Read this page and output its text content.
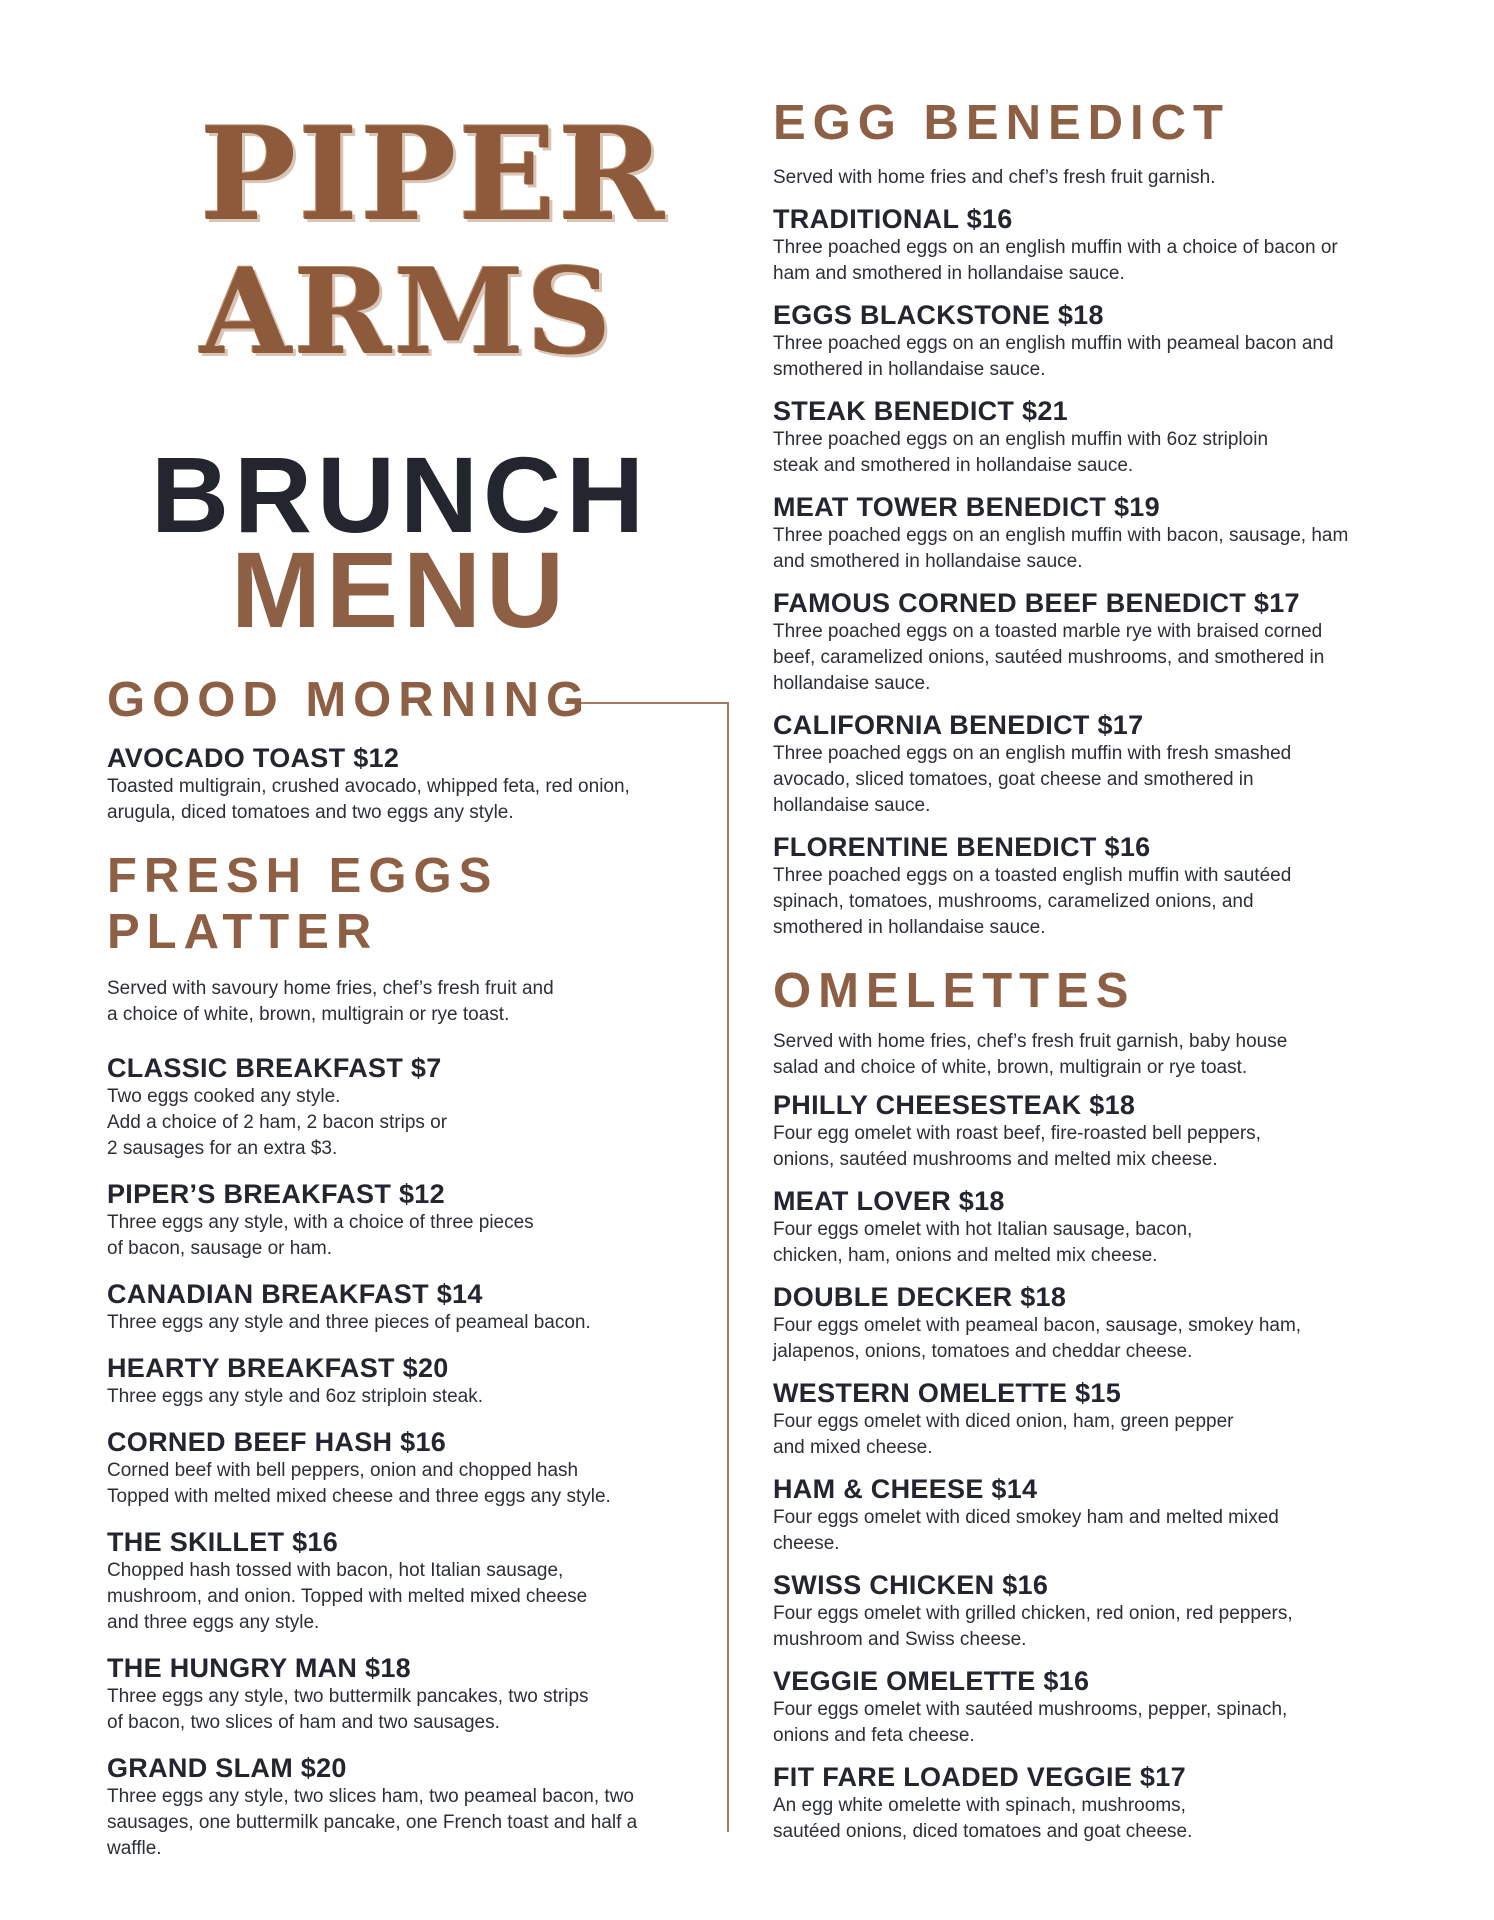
PIPER
ARMS
BRUNCH
MENU
GOOD MORNING

AVOCADO TOAST $12

Toasted multigrain, crushed avocado, whipped feta, red onion,
arugula, diced tomatoes and two eggs any style.

FRESH EGGS PLATTER

Served with savoury home fries, chef’s fresh fruit and
a choice of white, brown, multigrain or rye toast.

CLASSIC BREAKFAST $7

Two eggs cooked any style.
Add a choice of 2 ham, 2 bacon strips or
2 sausages for an extra $3.

PIPER’S BREAKFAST $12

Three eggs any style, with a choice of three pieces
of bacon, sausage or ham.

CANADIAN BREAKFAST $14

Three eggs any style and three pieces of peameal bacon.

HEARTY BREAKFAST $20

Three eggs any style and 6oz striploin steak.

CORNED BEEF HASH $16

Corned beef with bell peppers, onion and chopped hash
Topped with melted mixed cheese and three eggs any style.

THE SKILLET $16

Chopped hash tossed with bacon, hot Italian sausage,
mushroom, and onion. Topped with melted mixed cheese
and three eggs any style.

THE HUNGRY MAN $18

Three eggs any style, two buttermilk pancakes, two strips
of bacon, two slices of ham and two sausages.

GRAND SLAM $20

Three eggs any style, two slices ham, two peameal bacon, two
sausages, one buttermilk pancake, one French toast and half a
waffle.

EGG BENEDICT

Served with home fries and chef’s fresh fruit garnish.

TRADITIONAL $16

Three poached eggs on an english muffin with a choice of bacon or
ham and smothered in hollandaise sauce.

EGGS BLACKSTONE $18

Three poached eggs on an english muffin with peameal bacon and
smothered in hollandaise sauce.

STEAK BENEDICT $21

Three poached eggs on an english muffin with 6oz striploin
steak and smothered in hollandaise sauce.

MEAT TOWER BENEDICT $19

Three poached eggs on an english muffin with bacon, sausage, ham
and smothered in hollandaise sauce.

FAMOUS CORNED BEEF BENEDICT $17

Three poached eggs on a toasted marble rye with braised corned
beef, caramelized onions, sautéed mushrooms, and smothered in
hollandaise sauce.

CALIFORNIA BENEDICT $17

Three poached eggs on an english muffin with fresh smashed
avocado, sliced tomatoes, goat cheese and smothered in
hollandaise sauce.

FLORENTINE BENEDICT $16

Three poached eggs on a toasted english muffin with sautéed
spinach, tomatoes, mushrooms, caramelized onions, and
smothered in hollandaise sauce.

OMELETTES

Served with home fries, chef’s fresh fruit garnish, baby house
salad and choice of white, brown, multigrain or rye toast.

PHILLY CHEESESTEAK $18

Four egg omelet with roast beef, fire-roasted bell peppers,
onions, sautéed mushrooms and melted mix cheese.

MEAT LOVER $18

Four eggs omelet with hot Italian sausage, bacon,
chicken, ham, onions and melted mix cheese.

DOUBLE DECKER $18

Four eggs omelet with peameal bacon, sausage, smokey ham,
jalapenos, onions, tomatoes and cheddar cheese.

WESTERN OMELETTE $15

Four eggs omelet with diced onion, ham, green pepper
and mixed cheese.

HAM & CHEESE $14

Four eggs omelet with diced smokey ham and melted mixed
cheese.

SWISS CHICKEN $16

Four eggs omelet with grilled chicken, red onion, red peppers,
mushroom and Swiss cheese.

VEGGIE OMELETTE $16

Four eggs omelet with sautéed mushrooms, pepper, spinach,
onions and feta cheese.

FIT FARE LOADED VEGGIE $17

An egg white omelette with spinach, mushrooms,
sautéed onions, diced tomatoes and goat cheese.
